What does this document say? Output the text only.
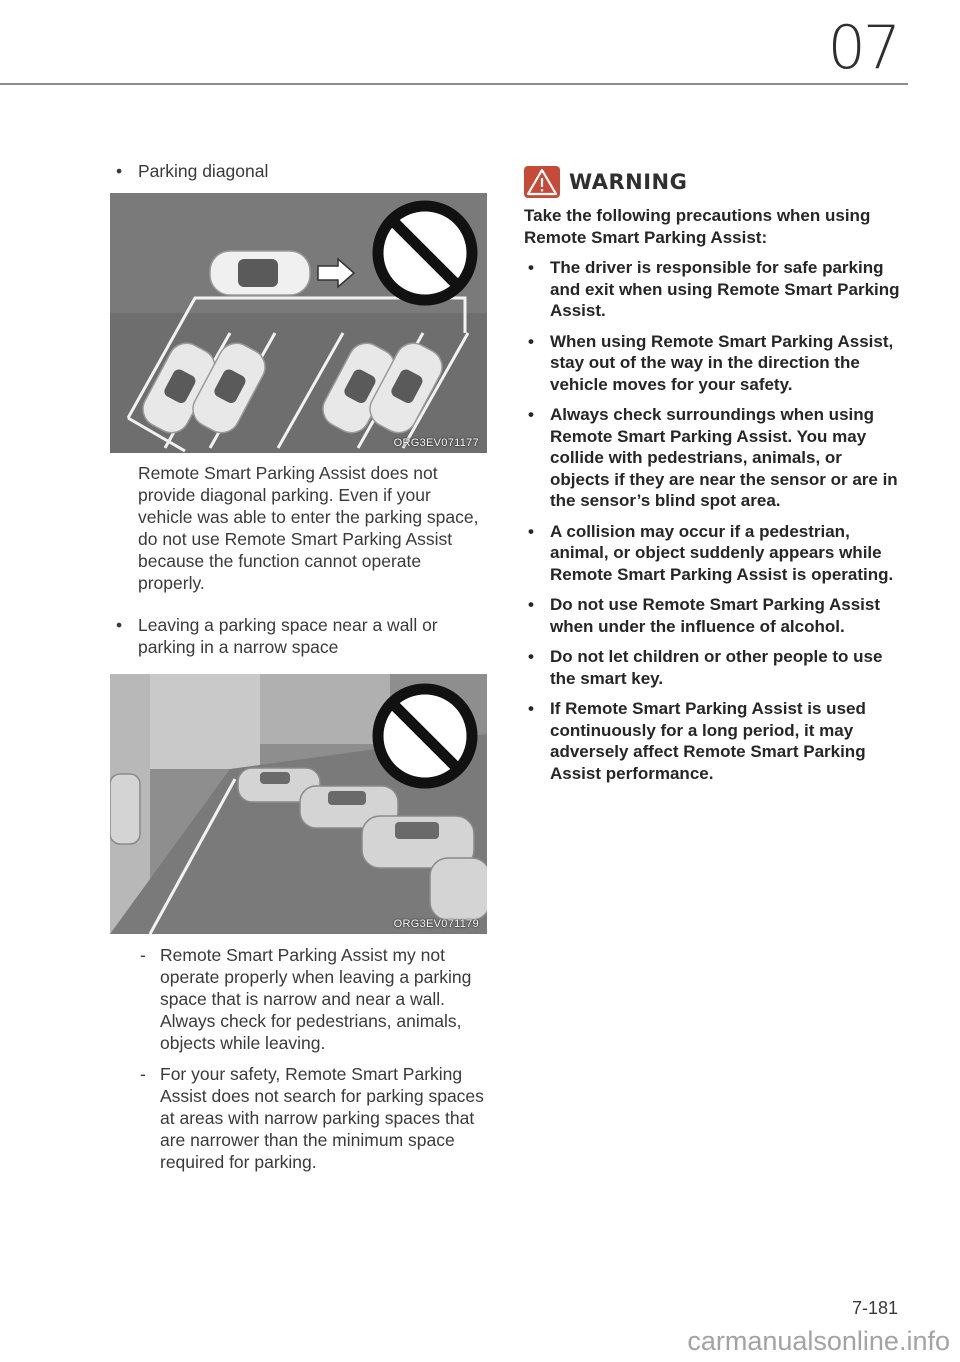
07
• Parking diagonal
ORG3EV071177
Remote Smart Parking Assist does not provide diagonal parking. Even if your vehicle was able to enter the parking space, do not use Remote Smart Parking Assist because the function cannot operate properly.
• Leaving a parking space near a wall or parking in a narrow space
ORG3EV071179
- Remote Smart Parking Assist my not operate properly when leaving a parking space that is narrow and near a wall. Always check for pedestrians, animals, objects while leaving.
- For your safety, Remote Smart Parking Assist does not search for parking spaces at areas with narrow parking spaces that are narrower than the minimum space required for parking.
WARNING
Take the following precautions when using Remote Smart Parking Assist:
• The driver is responsible for safe parking and exit when using Remote Smart Parking Assist.
• When using Remote Smart Parking Assist, stay out of the way in the direction the vehicle moves for your safety.
• Always check surroundings when using Remote Smart Parking Assist. You may collide with pedestrians, animals, or objects if they are near the sensor or are in the sensor’s blind spot area.
• A collision may occur if a pedestrian, animal, or object suddenly appears while Remote Smart Parking Assist is operating.
• Do not use Remote Smart Parking Assist when under the influence of alcohol.
• Do not let children or other people to use the smart key.
• If Remote Smart Parking Assist is used continuously for a long period, it may adversely affect Remote Smart Parking Assist performance.
7-181
carmanualsonline.info
